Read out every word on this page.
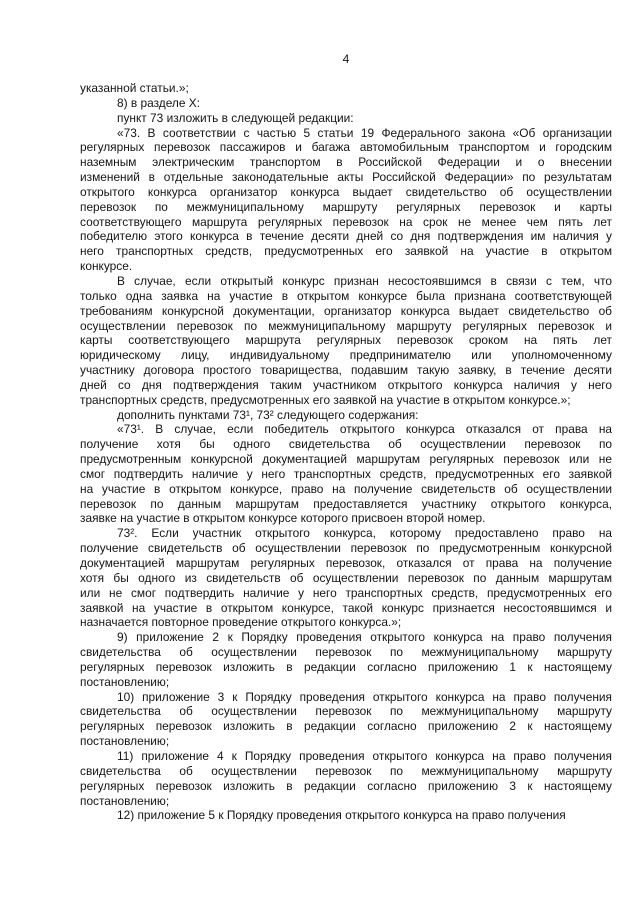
4
указанной статьи.»;
8) в разделе X:
пункт 73 изложить в следующей редакции:
«73. В соответствии с частью 5 статьи 19 Федерального закона «Об организации
регулярных перевозок пассажиров и багажа автомобильным транспортом и городским
наземным электрическим транспортом в Российской Федерации и о внесении
изменений в отдельные законодательные акты Российской Федерации» по результатам
открытого конкурса организатор конкурса выдает свидетельство об осуществлении
перевозок по межмуниципальному маршруту регулярных перевозок и карты
соответствующего маршрута регулярных перевозок на срок не менее чем пять лет
победителю этого конкурса в течение десяти дней со дня подтверждения им наличия у
него транспортных средств, предусмотренных его заявкой на участие в открытом
конкурсе.
В случае, если открытый конкурс признан несостоявшимся в связи с тем, что
только одна заявка на участие в открытом конкурсе была признана соответствующей
требованиям конкурсной документации, организатор конкурса выдает свидетельство об
осуществлении перевозок по межмуниципальному маршруту регулярных перевозок и
карты соответствующего маршрута регулярных перевозок сроком на пять лет
юридическому лицу, индивидуальному предпринимателю или уполномоченному
участнику договора простого товарищества, подавшим такую заявку, в течение десяти
дней со дня подтверждения таким участником открытого конкурса наличия у него
транспортных средств, предусмотренных его заявкой на участие в открытом конкурсе.»;
дополнить пунктами 73¹, 73² следующего содержания:
«73¹. В случае, если победитель открытого конкурса отказался от права на
получение хотя бы одного свидетельства об осуществлении перевозок по
предусмотренным конкурсной документацией маршрутам регулярных перевозок или не
смог подтвердить наличие у него транспортных средств, предусмотренных его заявкой
на участие в открытом конкурсе, право на получение свидетельств об осуществлении
перевозок по данным маршрутам предоставляется участнику открытого конкурса,
заявке на участие в открытом конкурсе которого присвоен второй номер.
73². Если участник открытого конкурса, которому предоставлено право на
получение свидетельств об осуществлении перевозок по предусмотренным конкурсной
документацией маршрутам регулярных перевозок, отказался от права на получение
хотя бы одного из свидетельств об осуществлении перевозок по данным маршрутам
или не смог подтвердить наличие у него транспортных средств, предусмотренных его
заявкой на участие в открытом конкурсе, такой конкурс признается несостоявшимся и
назначается повторное проведение открытого конкурса.»;
9) приложение 2 к Порядку проведения открытого конкурса на право получения
свидетельства об осуществлении перевозок по межмуниципальному маршруту
регулярных перевозок изложить в редакции согласно приложению 1 к настоящему
постановлению;
10) приложение 3 к Порядку проведения открытого конкурса на право получения
свидетельства об осуществлении перевозок по межмуниципальному маршруту
регулярных перевозок изложить в редакции согласно приложению 2 к настоящему
постановлению;
11) приложение 4 к Порядку проведения открытого конкурса на право получения
свидетельства об осуществлении перевозок по межмуниципальному маршруту
регулярных перевозок изложить в редакции согласно приложению 3 к настоящему
постановлению;
12) приложение 5 к Порядку проведения открытого конкурса на право получения
